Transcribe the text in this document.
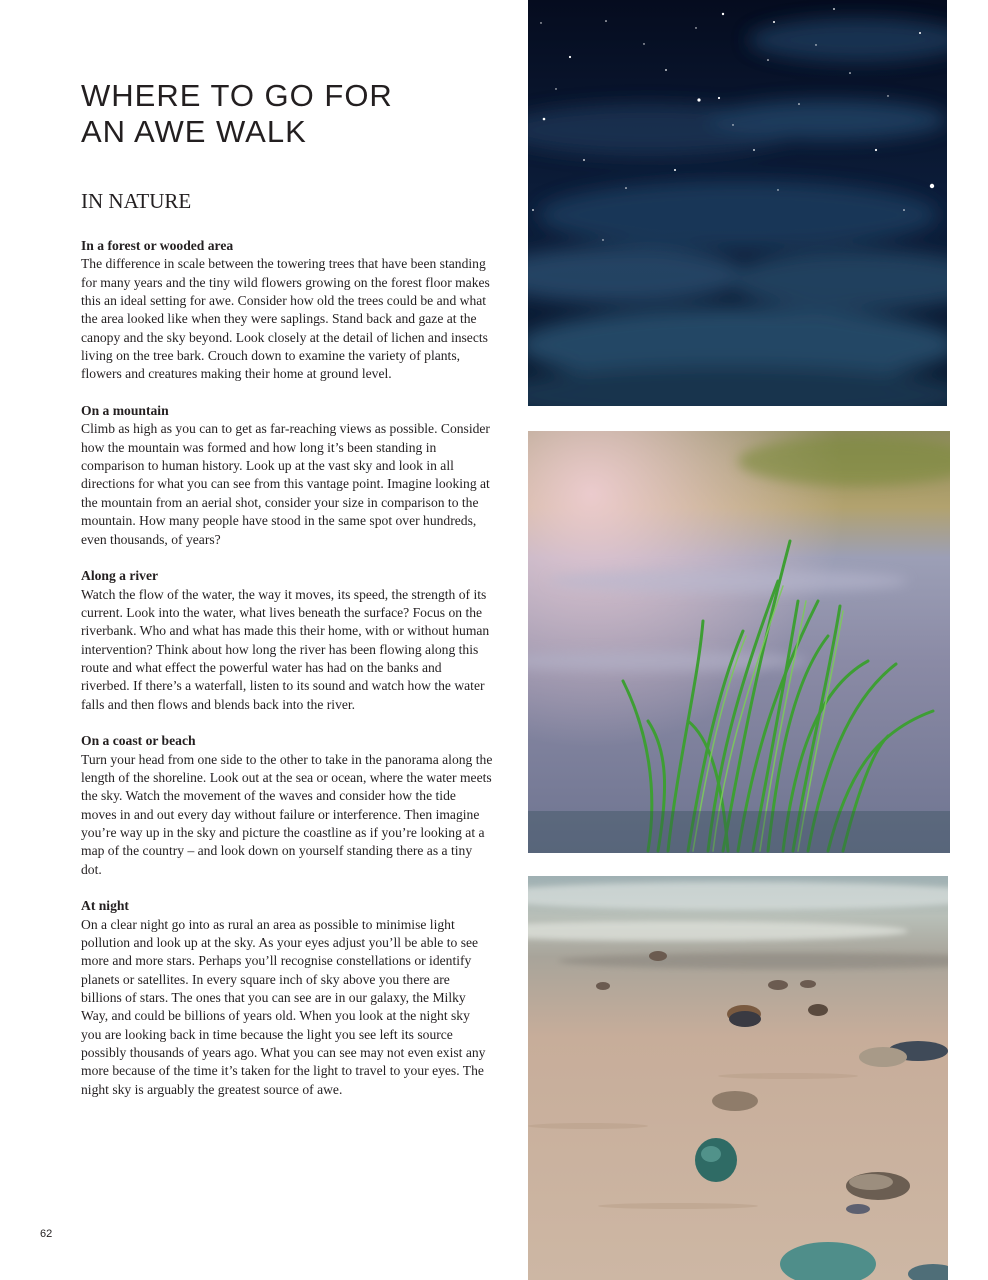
WHERE TO GO FOR
AN AWE WALK
IN NATURE
In a forest or wooded area

The difference in scale between the towering trees that have been standing for many years and the tiny wild flowers growing on the forest floor makes this an ideal setting for awe. Consider how old the trees could be and what the area looked like when they were saplings. Stand back and gaze at the canopy and the sky beyond. Look closely at the detail of lichen and insects living on the tree bark. Crouch down to examine the variety of plants, flowers and creatures making their home at ground level.

On a mountain

Climb as high as you can to get as far-reaching views as possible. Consider how the mountain was formed and how long it’s been standing in comparison to human history. Look up at the vast sky and look in all directions for what you can see from this vantage point. Imagine looking at the mountain from an aerial shot, consider your size in comparison to the mountain. How many people have stood in the same spot over hundreds, even thousands, of years?

Along a river

Watch the flow of the water, the way it moves, its speed, the strength of its current. Look into the water, what lives beneath the surface? Focus on the riverbank. Who and what has made this their home, with or without human intervention? Think about how long the river has been flowing along this route and what effect the powerful water has had on the banks and riverbed. If there’s a waterfall, listen to its sound and watch how the water falls and then flows and blends back into the river.

On a coast or beach

Turn your head from one side to the other to take in the panorama along the length of the shoreline. Look out at the sea or ocean, where the water meets the sky. Watch the movement of the waves and consider how the tide moves in and out every day without failure or interference. Then imagine you’re way up in the sky and picture the coastline as if you’re looking at a map of the country – and look down on yourself standing there as a tiny dot.

At night

On a clear night go into as rural an area as possible to minimise light pollution and look up at the sky. As your eyes adjust you’ll be able to see more and more stars. Perhaps you’ll recognise constellations or identify planets or satellites. In every square inch of sky above you there are billions of stars. The ones that you can see are in our galaxy, the Milky Way, and could be billions of years old. When you look at the night sky you are looking back in time because the light you see left its source possibly thousands of years ago. What you can see may not even exist any more because of the time it’s taken for the light to travel to your eyes. The night sky is arguably the greatest source of awe.

62
